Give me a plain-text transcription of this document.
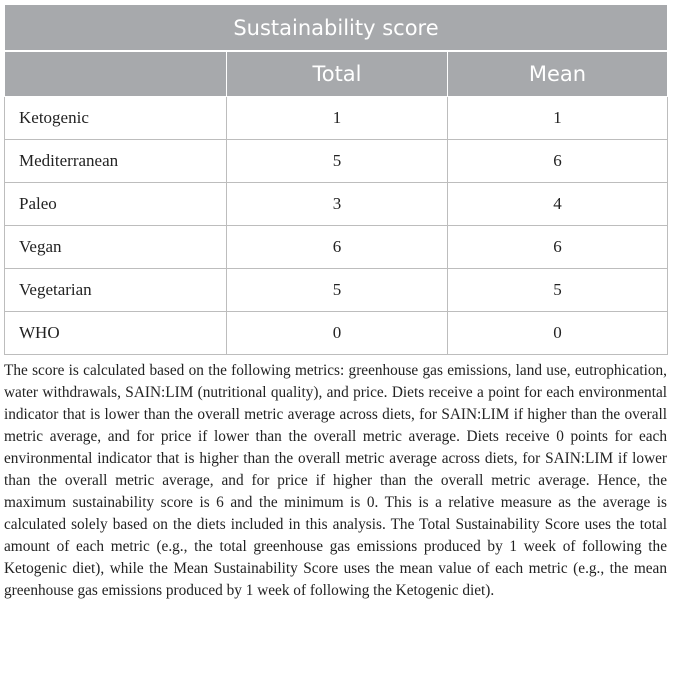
Sustainability score		
	Total	Mean
Ketogenic	1	1
Mediterranean	5	6
Paleo	3	4
Vegan	6	6
Vegetarian	5	5
WHO	0	0

The score is calculated based on the following metrics: greenhouse gas emissions, land use, eutrophication, water withdrawals, SAIN:LIM (nutritional quality), and price. Diets receive a point for each environmental indicator that is lower than the overall metric average across diets, for SAIN:LIM if higher than the overall metric average, and for price if lower than the overall metric average. Diets receive 0 points for each environmental indicator that is higher than the overall metric average across diets, for SAIN:LIM if lower than the overall metric average, and for price if higher than the overall metric average. Hence, the maximum sustainability score is 6 and the minimum is 0. This is a relative measure as the average is calculated solely based on the diets included in this analysis. The Total Sustainability Score uses the total amount of each metric (e.g., the total greenhouse gas emissions produced by 1 week of following the Ketogenic diet), while the Mean Sustainability Score uses the mean value of each metric (e.g., the mean greenhouse gas emissions produced by 1 week of following the Ketogenic diet).
